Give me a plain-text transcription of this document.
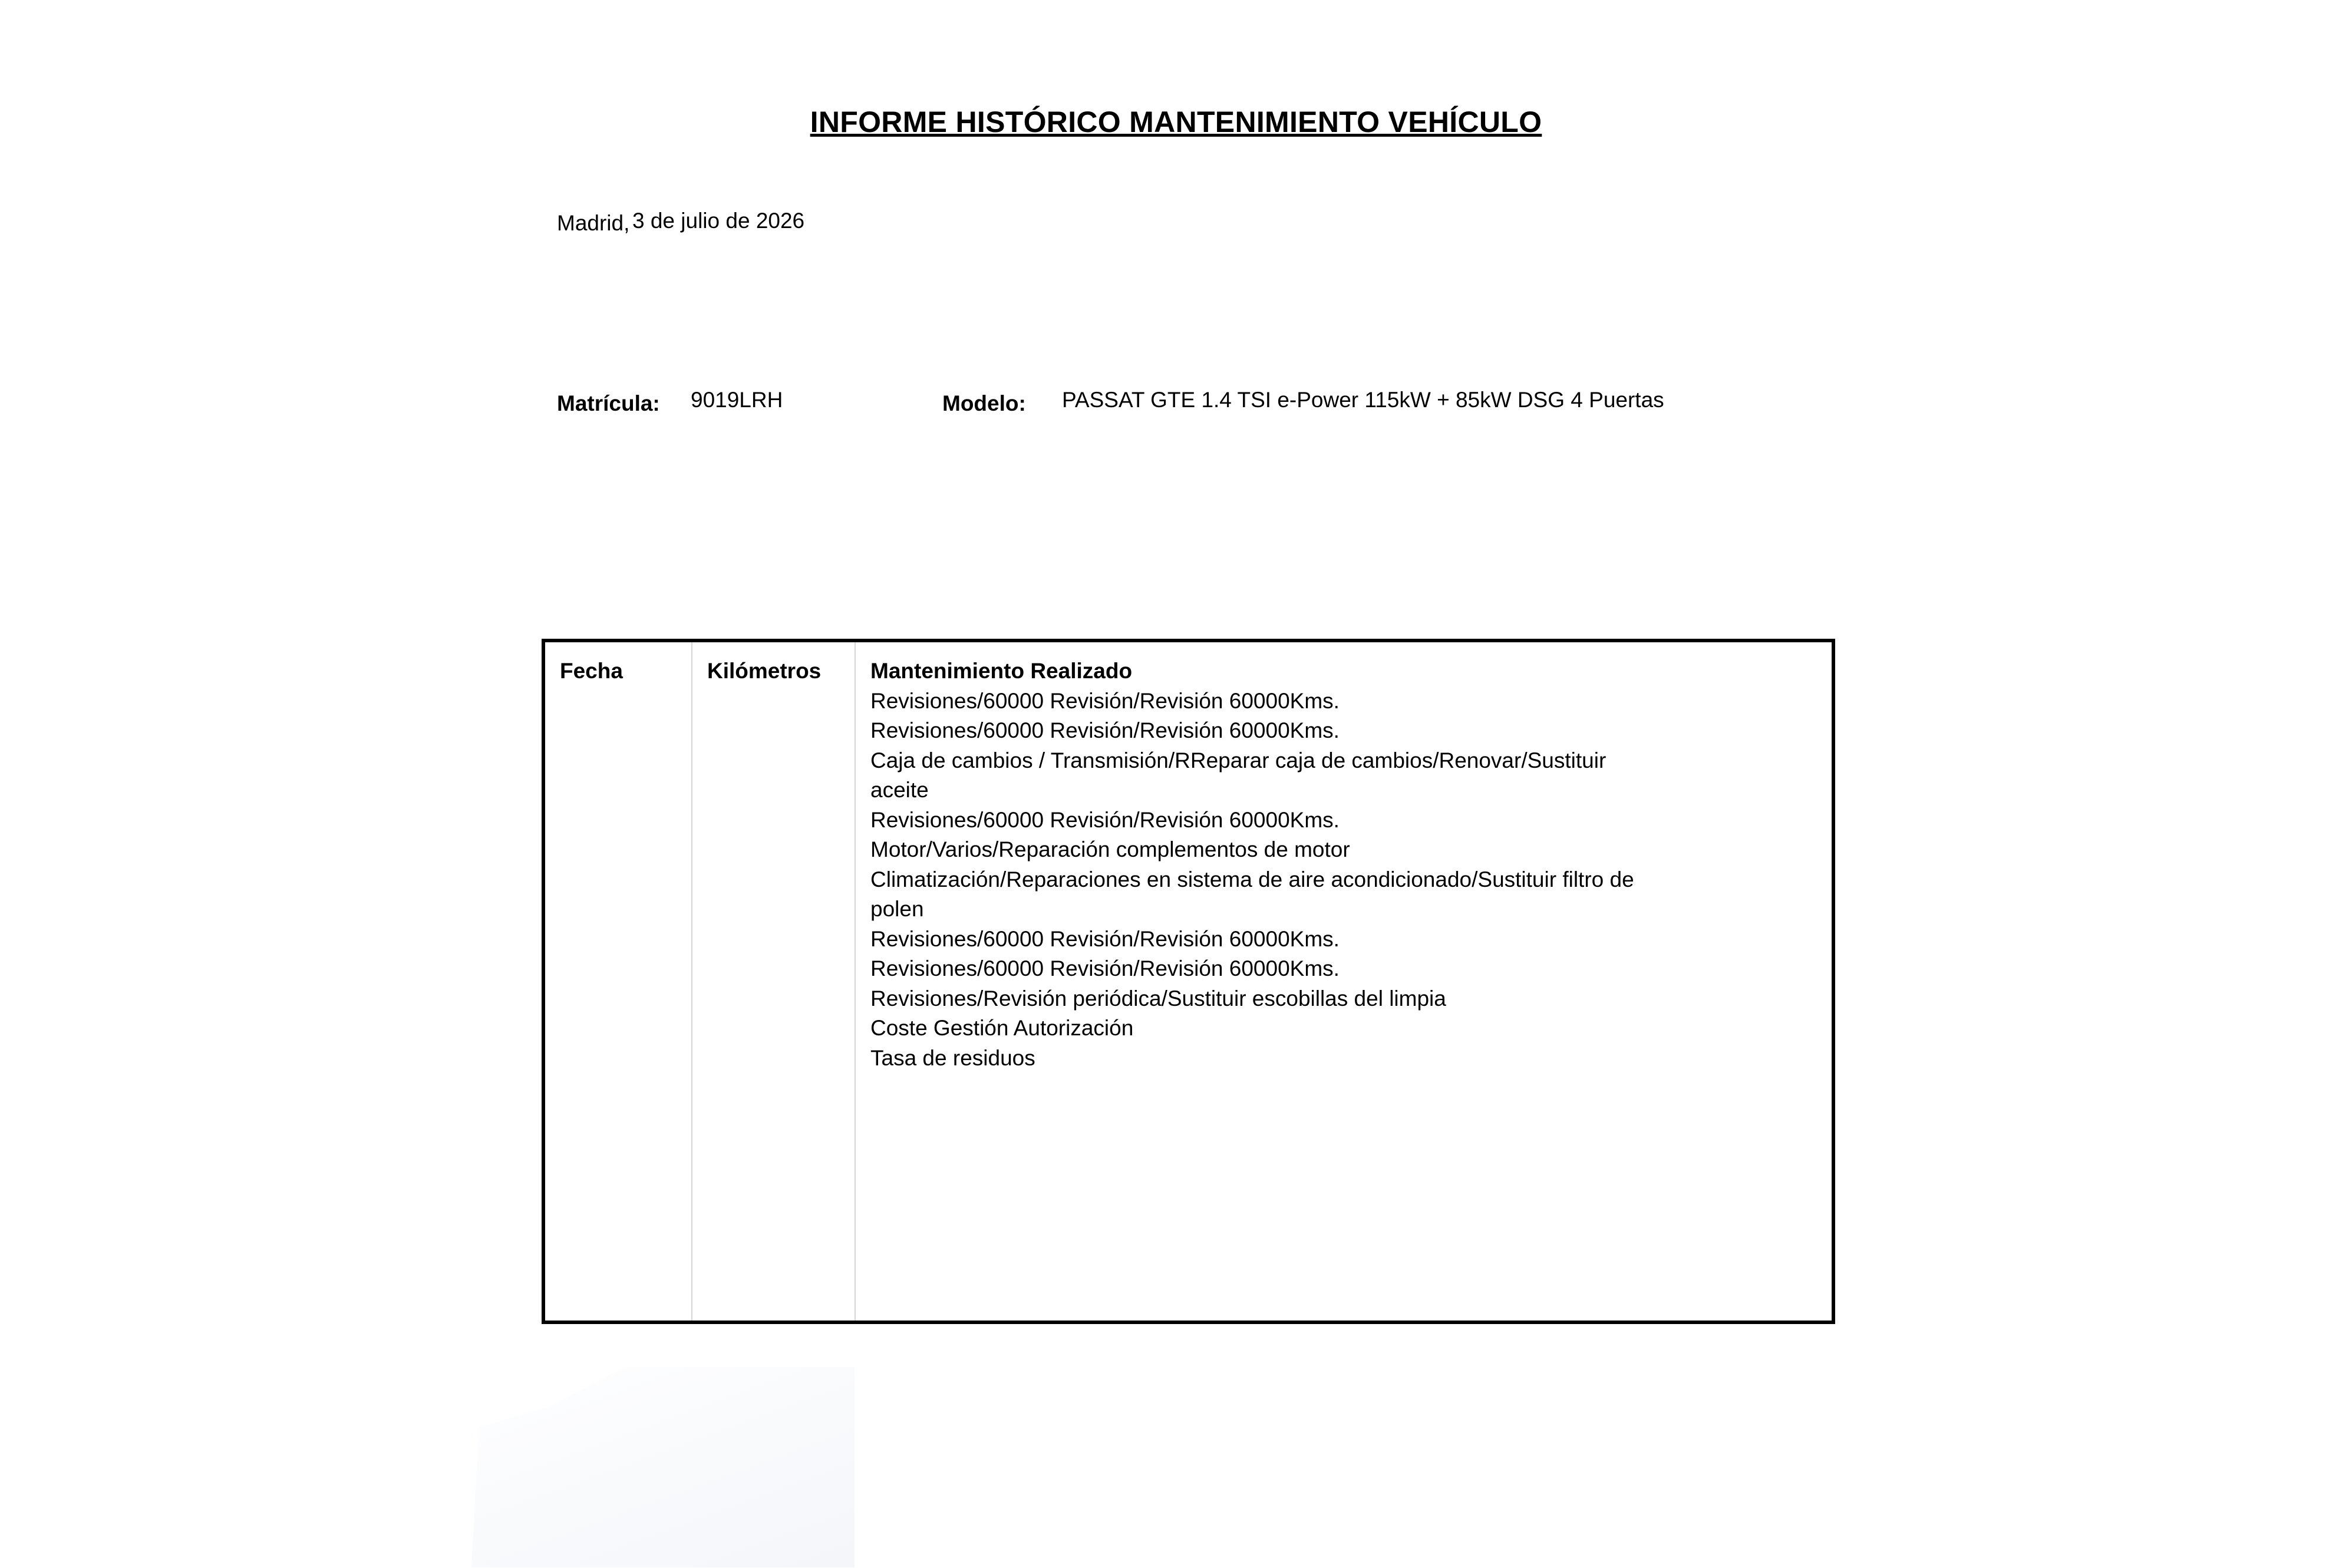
INFORME HISTÓRICO MANTENIMIENTO VEHÍCULO
Madrid, 3 de julio de 2026
Matrícula: 9019LRH	Modelo: PASSAT GTE 1.4 TSI e-Power 115kW + 85kW DSG 4 Puertas
Fecha	Kilómetros	Mantenimiento Realizado
Revisiones/60000 Revisión/Revisión 60000Kms.
Revisiones/60000 Revisión/Revisión 60000Kms.
Caja de cambios / Transmisión/RReparar caja de cambios/Renovar/Sustituir aceite
Revisiones/60000 Revisión/Revisión 60000Kms.
Motor/Varios/Reparación complementos de motor
Climatización/Reparaciones en sistema de aire acondicionado/Sustituir filtro de polen
Revisiones/60000 Revisión/Revisión 60000Kms.
Revisiones/60000 Revisión/Revisión 60000Kms.
Revisiones/Revisión periódica/Sustituir escobillas del limpia
Coste Gestión Autorización
Tasa de residuos
